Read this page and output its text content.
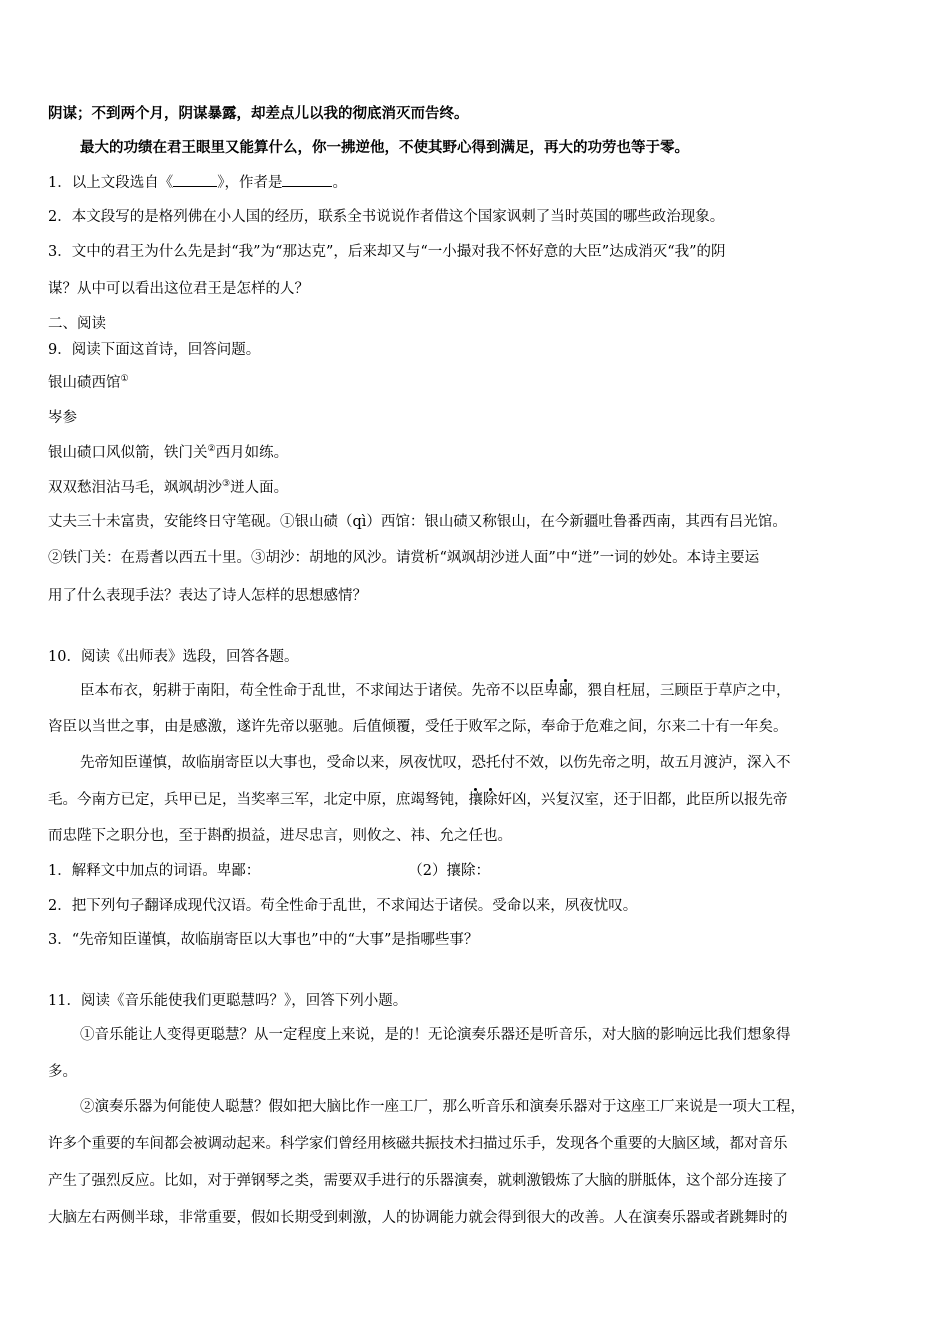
阴谋；不到两个月，阴谋暴露，却差点儿以我的彻底消灭而告终。
最大的功绩在君王眼里又能算什么，你一拂逆他，不使其野心得到满足，再大的功劳也等于零。
1．以上文段选自《	》，作者是	。
2．本文段写的是格列佛在小人国的经历，联系全书说说作者借这个国家讽刺了当时英国的哪些政治现象。
3．文中的君王为什么先是封“我”为“那达克”，后来却又与“一小撮对我不怀好意的大臣”达成消灭“我”的阴
谋？从中可以看出这位君王是怎样的人？
二、阅读
9．阅读下面这首诗，回答问题。
银山碛西馆①
岑参
银山碛口风似箭，铁门关②西月如练。
双双愁泪沾马毛，飒飒胡沙③迸人面。
丈夫三十未富贵，安能终日守笔砚。①银山碛（qì）西馆：银山碛又称银山，在今新疆吐鲁番西南，其西有吕光馆。
②铁门关：在焉耆以西五十里。③胡沙：胡地的风沙。请赏析“飒飒胡沙迸人面”中“迸”一词的妙处。本诗主要运
用了什么表现手法？表达了诗人怎样的思想感情？
10．阅读《出师表》选段，回答各题。
臣本布衣，躬耕于南阳，苟全性命于乱世，不求闻达于诸侯。先帝不以臣卑鄙，猥自枉屈，三顾臣于草庐之中，
咨臣以当世之事，由是感激，遂许先帝以驱驰。后值倾覆，受任于败军之际，奉命于危难之间，尔来二十有一年矣。
先帝知臣谨慎，故临崩寄臣以大事也，受命以来，夙夜忧叹，恐托付不效，以伤先帝之明，故五月渡泸，深入不
毛。今南方已定，兵甲已足，当奖率三军，北定中原，庶竭驽钝，攘除奸凶，兴复汉室，还于旧都，此臣所以报先帝
而忠陛下之职分也，至于斟酌损益，进尽忠言，则攸之、祎、允之任也。
1．解释文中加点的词语。卑鄙：	（2）攘除：
2．把下列句子翻译成现代汉语。苟全性命于乱世，不求闻达于诸侯。受命以来，夙夜忧叹。
3．“先帝知臣谨慎，故临崩寄臣以大事也”中的“大事”是指哪些事？
11．阅读《音乐能使我们更聪慧吗？》，回答下列小题。
①音乐能让人变得更聪慧？从一定程度上来说，是的！无论演奏乐器还是听音乐，对大脑的影响远比我们想象得
多。
②演奏乐器为何能使人聪慧？假如把大脑比作一座工厂，那么听音乐和演奏乐器对于这座工厂来说是一项大工程，
许多个重要的车间都会被调动起来。科学家们曾经用核磁共振技术扫描过乐手，发现各个重要的大脑区域，都对音乐
产生了强烈反应。比如，对于弹钢琴之类，需要双手进行的乐器演奏，就刺激锻炼了大脑的胼胝体，这个部分连接了
大脑左右两侧半球，非常重要，假如长期受到刺激，人的协调能力就会得到很大的改善。人在演奏乐器或者跳舞时的
